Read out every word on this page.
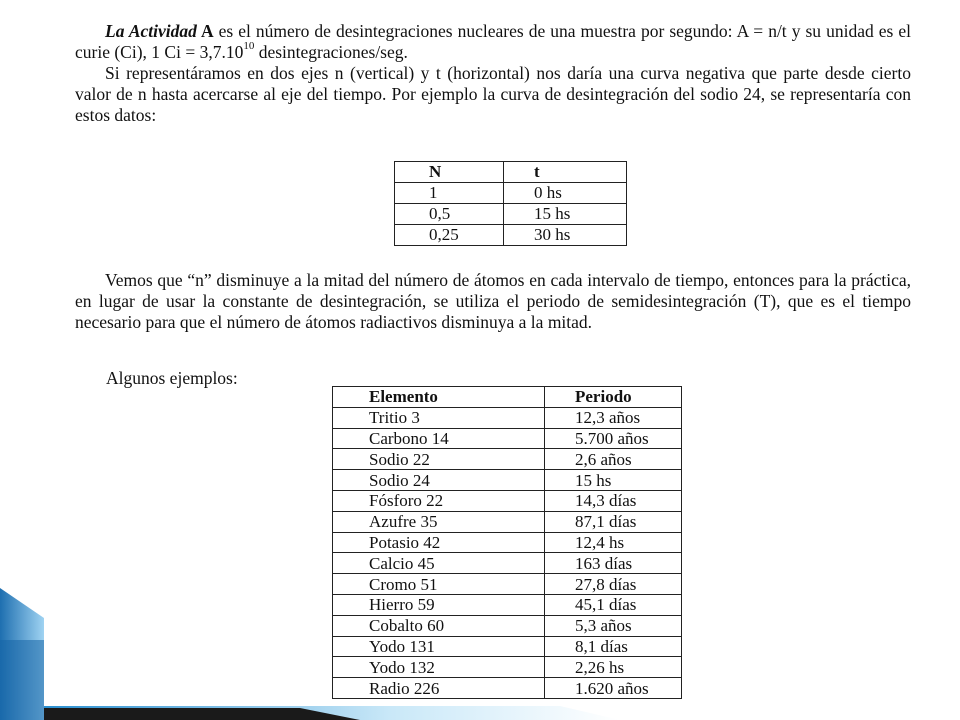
La Actividad A es el número de desintegraciones nucleares de una muestra por segundo: A = n/t y su unidad es el curie (Ci), 1 $Ci = 3,7.10^{10}$ desintegraciones/seg.
Si representáramos en dos ejes n (vertical) y t (horizontal) nos daría una curva negativa que parte desde cierto valor de n hasta acercarse al eje del tiempo. Por ejemplo la curva de desintegración del sodio 24, se representaría con estos datos:

N	t
1	0 hs
0,5	15 hs
0,25	30 hs

Vemos que “n” disminuye a la mitad del número de átomos en cada intervalo de tiempo, entonces para la práctica, en lugar de usar la constante de desintegración, se utiliza el periodo de semidesintegración (T), que es el tiempo necesario para que el número de átomos radiactivos disminuya a la mitad.

Algunos ejemplos:

Elemento	Periodo
Tritio 3	12,3 años
Carbono 14	5.700 años
Sodio 22	2,6 años
Sodio 24	15 hs
Fósforo 22	14,3 días
Azufre 35	87,1 días
Potasio 42	12,4 hs
Calcio 45	163 días
Cromo 51	27,8 días
Hierro 59	45,1 días
Cobalto 60	5,3 años
Yodo 131	8,1 días
Yodo 132	2,26 hs
Radio 226	1.620 años
